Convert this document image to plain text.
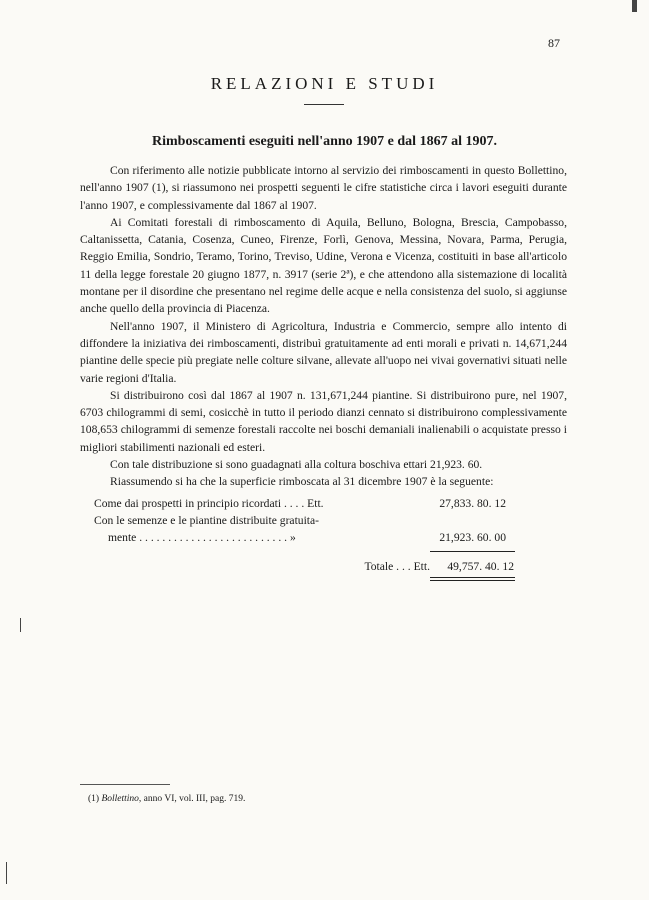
87
RELAZIONI E STUDI
Rimboscamenti eseguiti nell'anno 1907 e dal 1867 al 1907.

Con riferimento alle notizie pubblicate intorno al servizio dei rimboscamenti in questo Bollettino, nell'anno 1907 (1), si riassumono nei prospetti seguenti le cifre statistiche circa i lavori eseguiti durante l'anno 1907, e complessivamente dal 1867 al 1907.

Ai Comitati forestali di rimboscamento di Aquila, Belluno, Bologna, Brescia, Campobasso, Caltanissetta, Catania, Cosenza, Cuneo, Firenze, Forlì, Genova, Messina, Novara, Parma, Perugia, Reggio Emilia, Sondrio, Teramo, Torino, Treviso, Udine, Verona e Vicenza, costituiti in base all'articolo 11 della legge forestale 20 giugno 1877, n. 3917 (serie 2ª), e che attendono alla sistemazione di località montane per il disordine che presentano nel regime delle acque e nella consistenza del suolo, si aggiunse anche quello della provincia di Piacenza.

Nell'anno 1907, il Ministero di Agricoltura, Industria e Commercio, sempre allo intento di diffondere la iniziativa dei rimboscamenti, distribuì gratuitamente ad enti morali e privati n. 14,671,244 piantine delle specie più pregiate nelle colture silvane, allevate all'uopo nei vivai governativi situati nelle varie regioni d'Italia.

Si distribuirono così dal 1867 al 1907 n. 131,671,244 piantine. Si distribuirono pure, nel 1907, 6703 chilogrammi di semi, cosicchè in tutto il periodo dianzi cennato si distribuirono complessivamente 108,653 chilogrammi di semenze forestali raccolte nei boschi demaniali inalienabili o acquistate presso i migliori stabilimenti nazionali ed esteri.

Con tale distribuzione si sono guadagnati alla coltura boschiva ettari 21,923. 60.

Riassumendo si ha che la superficie rimboscata al 31 dicembre 1907 è la seguente:

Come dai prospetti in principio ricordati . . . . Ett.	27,833. 80. 12
Con le semenze e le piantine distribuite gratuita-
mente . . . . . . . . . . . . . . . . . . . . . . . . . . »	21,923. 60. 00
Totale . . . Ett.	49,757. 40. 12
(1) Bollettino, anno VI, vol. III, pag. 719.
